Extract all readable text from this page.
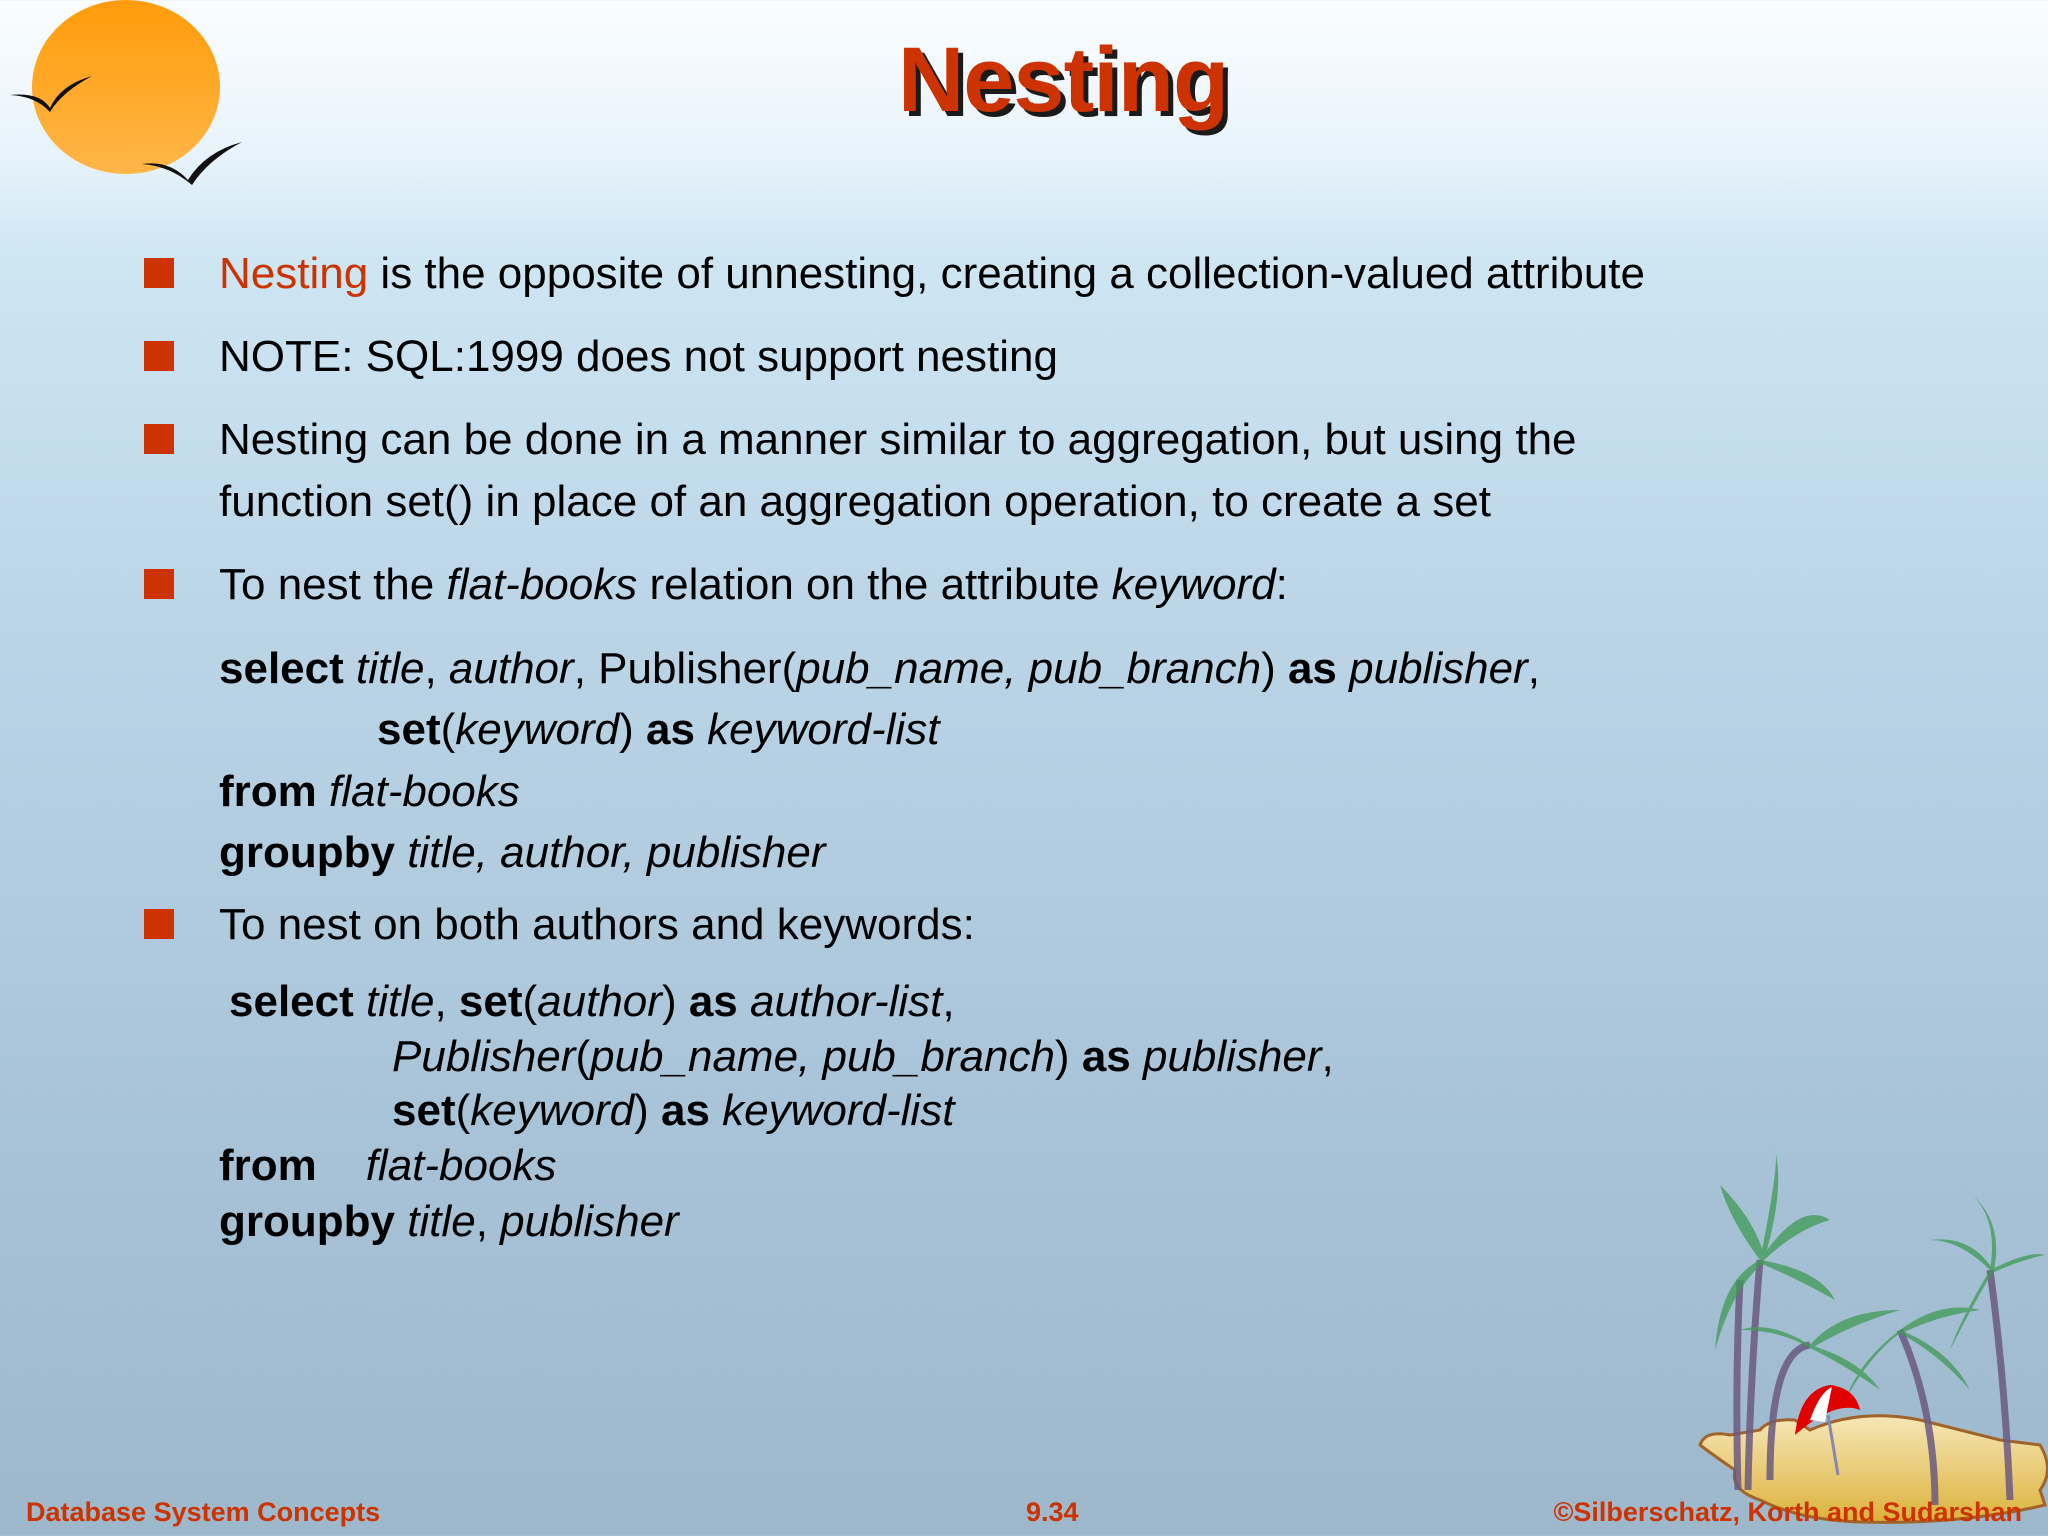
Nesting
Nesting is the opposite of unnesting, creating a collection-valued attribute
NOTE: SQL:1999 does not support nesting
Nesting can be done in a manner similar to aggregation, but using the
function set() in place of an aggregation operation, to create a set
To nest the flat-books relation on the attribute keyword:
select title, author, Publisher(pub_name, pub_branch) as publisher,
set(keyword) as keyword-list
from flat-books
groupby title, author, publisher
To nest on both authors and keywords:
select title, set(author) as author-list,
Publisher(pub_name, pub_branch) as publisher,
set(keyword) as keyword-list
from flat-books
groupby title, publisher
Database System Concepts	9.34	©Silberschatz, Korth and Sudarshan
